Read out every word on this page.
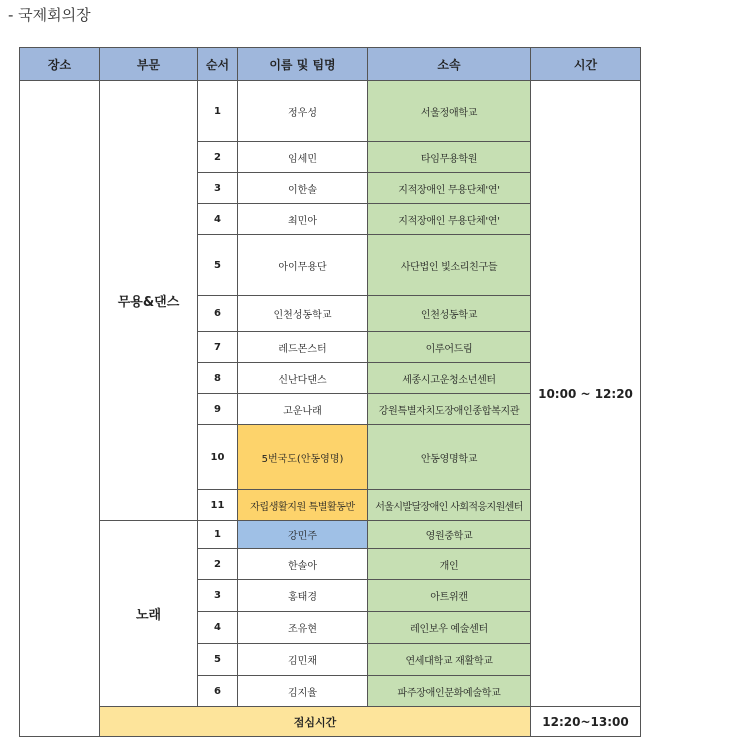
- 국제회의장
장소	부문	순서	이름 및 팀명	소속	시간
	무용&댄스	1	정우성	서울정애학교	10:00 ~ 12:20
		2	임세민	타임무용학원	
		3	이한솔	지적장애인 무용단체'연'	
		4	최민아	지적장애인 무용단체'연'	
		5	아이무용단	사단법인 빛소리친구들	
		6	인천성동학교	인천성동학교	
		7	레드몬스터	이루어드림	
		8	신난다댄스	세종시고운청소년센터	
		9	고운나래	강원특별자치도장애인종합복지관	
		10	5번국도(안동영명)	안동영명학교	
		11	자립생활지원 특별활동반	서울시발달장애인 사회적응지원센터	
	노래	1	강민주	영원중학교	
		2	한솔아	개인	
		3	홍태경	아트위캔	
		4	조유현	레인보우 예술센터	
		5	김민채	연세대학교 재활학교	
		6	김지율	파주장애인문화예술학교	
	점심시간				12:20~13:00
